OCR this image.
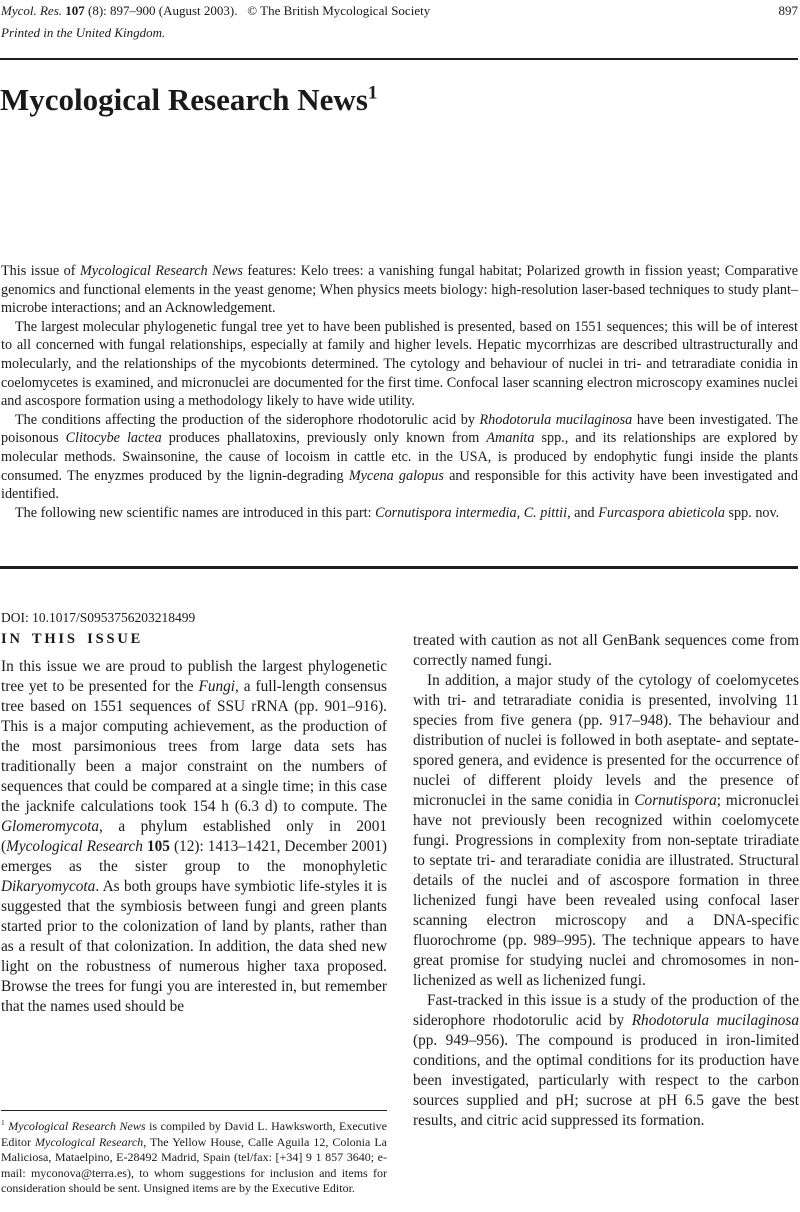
Mycol. Res. 107 (8): 897–900 (August 2003).  © The British Mycological Society	897
Printed in the United Kingdom.
Mycological Research News$^1$

This issue of Mycological Research News features: Kelo trees: a vanishing fungal habitat; Polarized growth in fission yeast; Comparative genomics and functional elements in the yeast genome; When physics meets biology: high-resolution laser-based techniques to study plant–microbe interactions; and an Acknowledgement.

The largest molecular phylogenetic fungal tree yet to have been published is presented, based on 1551 sequences; this will be of interest to all concerned with fungal relationships, especially at family and higher levels. Hepatic mycorrhizas are described ultrastructurally and molecularly, and the relationships of the mycobionts determined. The cytology and behaviour of nuclei in tri- and tetraradiate conidia in coelomycetes is examined, and micronuclei are documented for the first time. Confocal laser scanning electron microscopy examines nuclei and ascospore formation using a methodology likely to have wide utility.

The conditions affecting the production of the siderophore rhodotorulic acid by Rhodotorula mucilaginosa have been investigated. The poisonous Clitocybe lactea produces phallatoxins, previously only known from Amanita spp., and its relationships are explored by molecular methods. Swainsonine, the cause of locoism in cattle etc. in the USA, is produced by endophytic fungi inside the plants consumed. The enyzmes produced by the lignin-degrading Mycena galopus and responsible for this activity have been investigated and identified.

The following new scientific names are introduced in this part: Cornutispora intermedia, C. pittii, and Furcaspora abieticola spp. nov.

DOI: 10.1017/S0953756203218499
IN THIS ISSUE

In this issue we are proud to publish the largest phylogenetic tree yet to be presented for the Fungi, a full-length consensus tree based on 1551 sequences of SSU rRNA (pp. 901–916). This is a major computing achievement, as the production of the most parsimonious trees from large data sets has traditionally been a major constraint on the numbers of sequences that could be compared at a single time; in this case the jacknife calculations took 154 h (6.3 d) to compute. The Glomeromycota, a phylum established only in 2001 (Mycological Research 105 (12): 1413–1421, December 2001) emerges as the sister group to the monophyletic Dikaryomycota. As both groups have symbiotic life-styles it is suggested that the symbiosis between fungi and green plants started prior to the colonization of land by plants, rather than as a result of that colonization. In addition, the data shed new light on the robustness of numerous higher taxa proposed. Browse the trees for fungi you are interested in, but remember that the names used should be

treated with caution as not all GenBank sequences come from correctly named fungi.

In addition, a major study of the cytology of coelomycetes with tri- and tetraradiate conidia is presented, involving 11 species from five genera (pp. 917–948). The behaviour and distribution of nuclei is followed in both aseptate- and septate-spored genera, and evidence is presented for the occurrence of nuclei of different ploidy levels and the presence of micronuclei in the same conidia in Cornutispora; micronuclei have not previously been recognized within coelomycete fungi. Progressions in complexity from non-septate triradiate to septate tri- and teraradiate conidia are illustrated. Structural details of the nuclei and of ascospore formation in three lichenized fungi have been revealed using confocal laser scanning electron microscopy and a DNA-specific fluorochrome (pp. 989–995). The technique appears to have great promise for studying nuclei and chromosomes in non-lichenized as well as lichenized fungi.

Fast-tracked in this issue is a study of the production of the siderophore rhodotorulic acid by Rhodotorula mucilaginosa (pp. 949–956). The compound is produced in iron-limited conditions, and the optimal conditions for its production have been investigated, particularly with respect to the carbon sources supplied and pH; sucrose at pH 6.5 gave the best results, and citric acid suppressed its formation.

$^1$ Mycological Research News is compiled by David L. Hawksworth, Executive Editor Mycological Research, The Yellow House, Calle Aguila 12, Colonia La Maliciosa, Mataelpino, E-28492 Madrid, Spain (tel/fax: [+34] 9 1 857 3640; e-mail: myconova@terra.es), to whom suggestions for inclusion and items for consideration should be sent. Unsigned items are by the Executive Editor.
